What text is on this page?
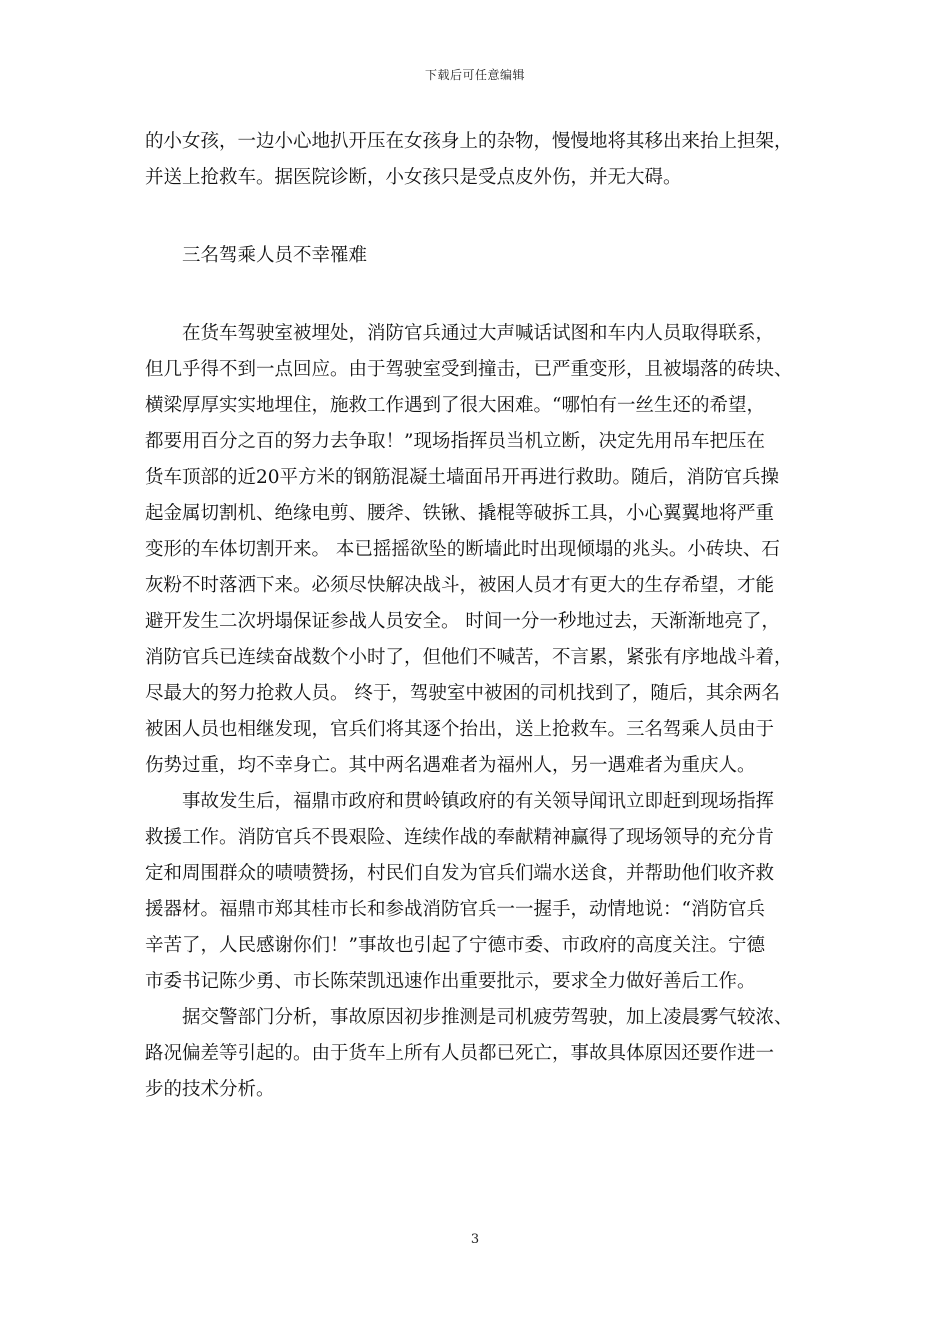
下载后可任意编辑
的小女孩，一边小心地扒开压在女孩身上的杂物，慢慢地将其移出来抬上担架，
并送上抢救车。据医院诊断，小女孩只是受点皮外伤，并无大碍。
三名驾乘人员不幸罹难
在货车驾驶室被埋处，消防官兵通过大声喊话试图和车内人员取得联系，
但几乎得不到一点回应。由于驾驶室受到撞击，已严重变形，且被塌落的砖块、
横梁厚厚实实地埋住，施救工作遇到了很大困难。“哪怕有一丝生还的希望，
都要用百分之百的努力去争取！”现场指挥员当机立断，决定先用吊车把压在
货车顶部的近20平方米的钢筋混凝土墙面吊开再进行救助。随后，消防官兵操
起金属切割机、绝缘电剪、腰斧、铁锹、撬棍等破拆工具，小心翼翼地将严重
变形的车体切割开来。 本已摇摇欲坠的断墙此时出现倾塌的兆头。小砖块、石
灰粉不时落洒下来。必须尽快解决战斗，被困人员才有更大的生存希望，才能
避开发生二次坍塌保证参战人员安全。 时间一分一秒地过去，天渐渐地亮了，
消防官兵已连续奋战数个小时了，但他们不喊苦，不言累，紧张有序地战斗着，
尽最大的努力抢救人员。 终于，驾驶室中被困的司机找到了，随后，其余两名
被困人员也相继发现，官兵们将其逐个抬出，送上抢救车。三名驾乘人员由于
伤势过重，均不幸身亡。其中两名遇难者为福州人，另一遇难者为重庆人。
事故发生后，福鼎市政府和贯岭镇政府的有关领导闻讯立即赶到现场指挥
救援工作。消防官兵不畏艰险、连续作战的奉献精神赢得了现场领导的充分肯
定和周围群众的啧啧赞扬，村民们自发为官兵们端水送食，并帮助他们收齐救
援器材。福鼎市郑其桂市长和参战消防官兵一一握手，动情地说：“消防官兵
辛苦了，人民感谢你们！”事故也引起了宁德市委、市政府的高度关注。宁德
市委书记陈少勇、市长陈荣凯迅速作出重要批示，要求全力做好善后工作。
据交警部门分析，事故原因初步推测是司机疲劳驾驶，加上凌晨雾气较浓、
路况偏差等引起的。由于货车上所有人员都已死亡，事故具体原因还要作进一
步的技术分析。
3
